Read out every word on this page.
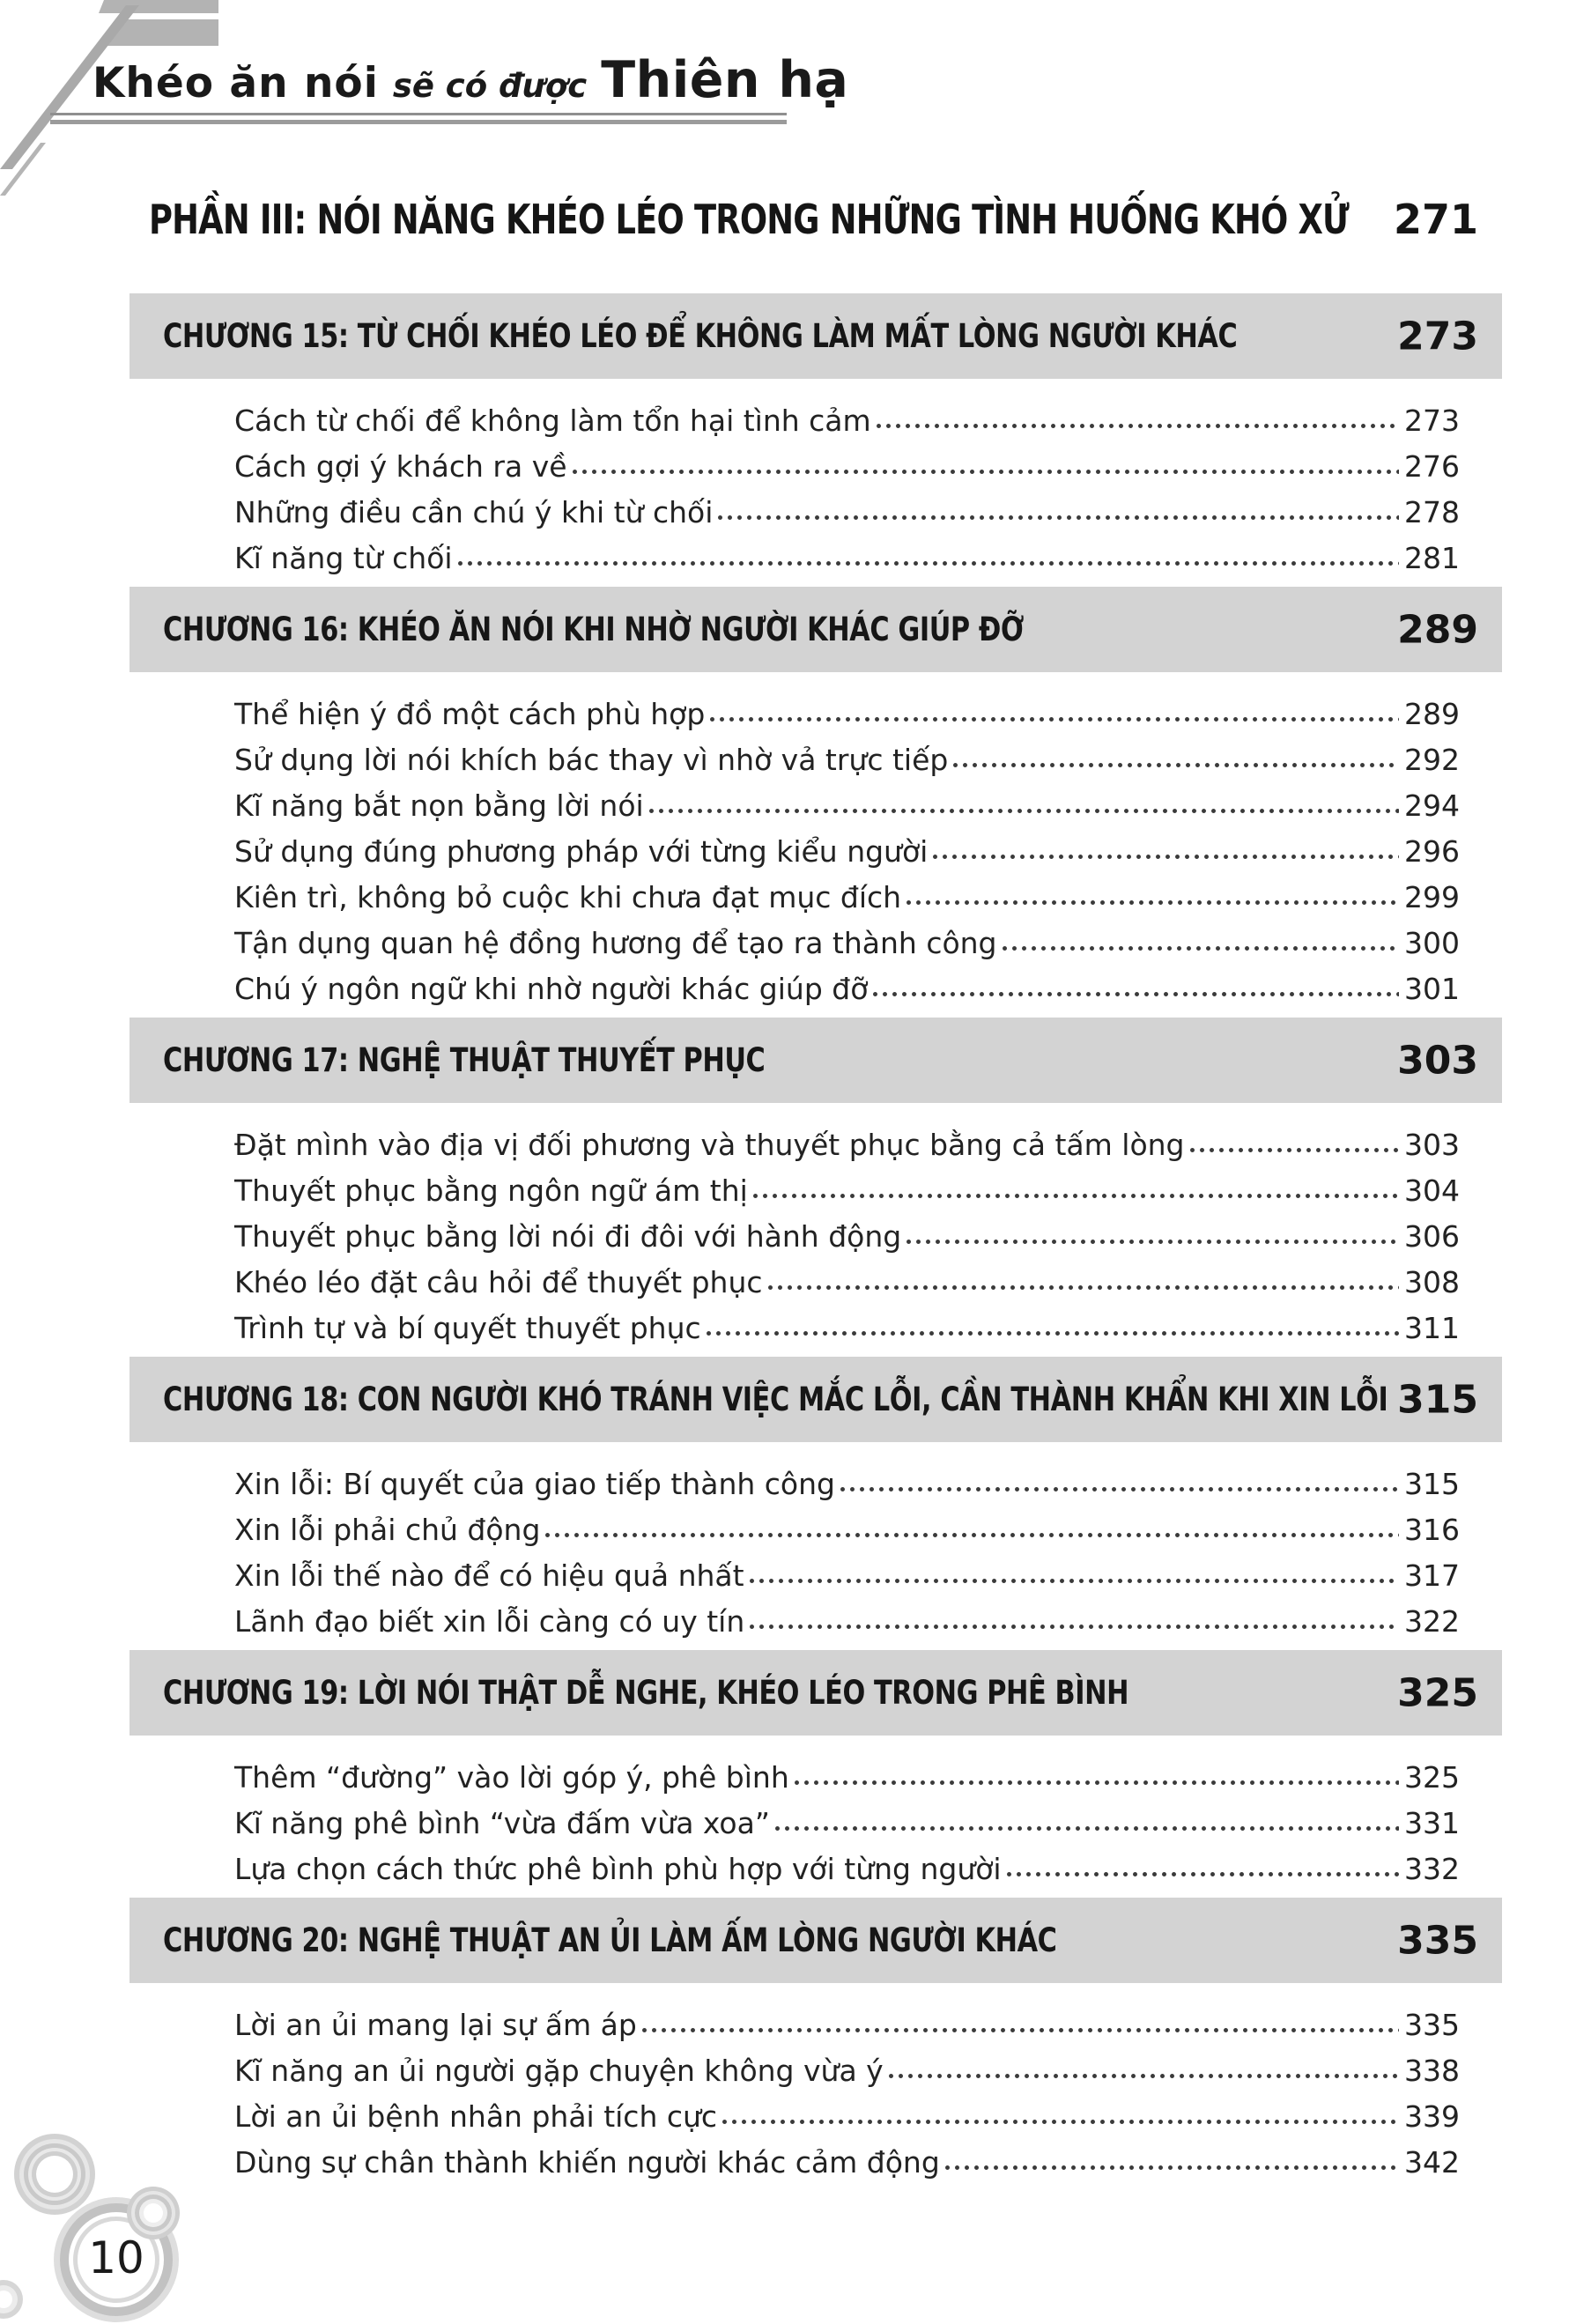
Khéo ăn nói sẽ có được Thiên hạ
PHẦN III: NÓI NĂNG KHÉO LÉO TRONG NHỮNG TÌNH HUỐNG KHÓ XỬ 271
CHƯƠNG 15: TỪ CHỐI KHÉO LÉO ĐỂ KHÔNG LÀM MẤT LÒNG NGƯỜI KHÁC	273
Cách từ chối để không làm tổn hại tình cảm	273
Cách gợi ý khách ra về	276
Những điều cần chú ý khi từ chối	278
Kĩ năng từ chối	281
CHƯƠNG 16: KHÉO ĂN NÓI KHI NHỜ NGƯỜI KHÁC GIÚP ĐỠ	289
Thể hiện ý đồ một cách phù hợp	289
Sử dụng lời nói khích bác thay vì nhờ vả trực tiếp	292
Kĩ năng bắt nọn bằng lời nói	294
Sử dụng đúng phương pháp với từng kiểu người	296
Kiên trì, không bỏ cuộc khi chưa đạt mục đích	299
Tận dụng quan hệ đồng hương để tạo ra thành công	300
Chú ý ngôn ngữ khi nhờ người khác giúp đỡ	301
CHƯƠNG 17: NGHỆ THUẬT THUYẾT PHỤC	303
Đặt mình vào địa vị đối phương và thuyết phục bằng cả tấm lòng	303
Thuyết phục bằng ngôn ngữ ám thị	304
Thuyết phục bằng lời nói đi đôi với hành động	306
Khéo léo đặt câu hỏi để thuyết phục	308
Trình tự và bí quyết thuyết phục	311
CHƯƠNG 18: CON NGƯỜI KHÓ TRÁNH VIỆC MẮC LỖI, CẦN THÀNH KHẨN KHI XIN LỖI 315
Xin lỗi: Bí quyết của giao tiếp thành công	315
Xin lỗi phải chủ động	316
Xin lỗi thế nào để có hiệu quả nhất	317
Lãnh đạo biết xin lỗi càng có uy tín	322
CHƯƠNG 19: LỜI NÓI THẬT DỄ NGHE, KHÉO LÉO TRONG PHÊ BÌNH	325
Thêm “đường” vào lời góp ý, phê bình	325
Kĩ năng phê bình “vừa đấm vừa xoa”	331
Lựa chọn cách thức phê bình phù hợp với từng người	332
CHƯƠNG 20: NGHỆ THUẬT AN ỦI LÀM ẤM LÒNG NGƯỜI KHÁC	335
Lời an ủi mang lại sự ấm áp	335
Kĩ năng an ủi người gặp chuyện không vừa ý	338
Lời an ủi bệnh nhân phải tích cực	339
Dùng sự chân thành khiến người khác cảm động	342
10
